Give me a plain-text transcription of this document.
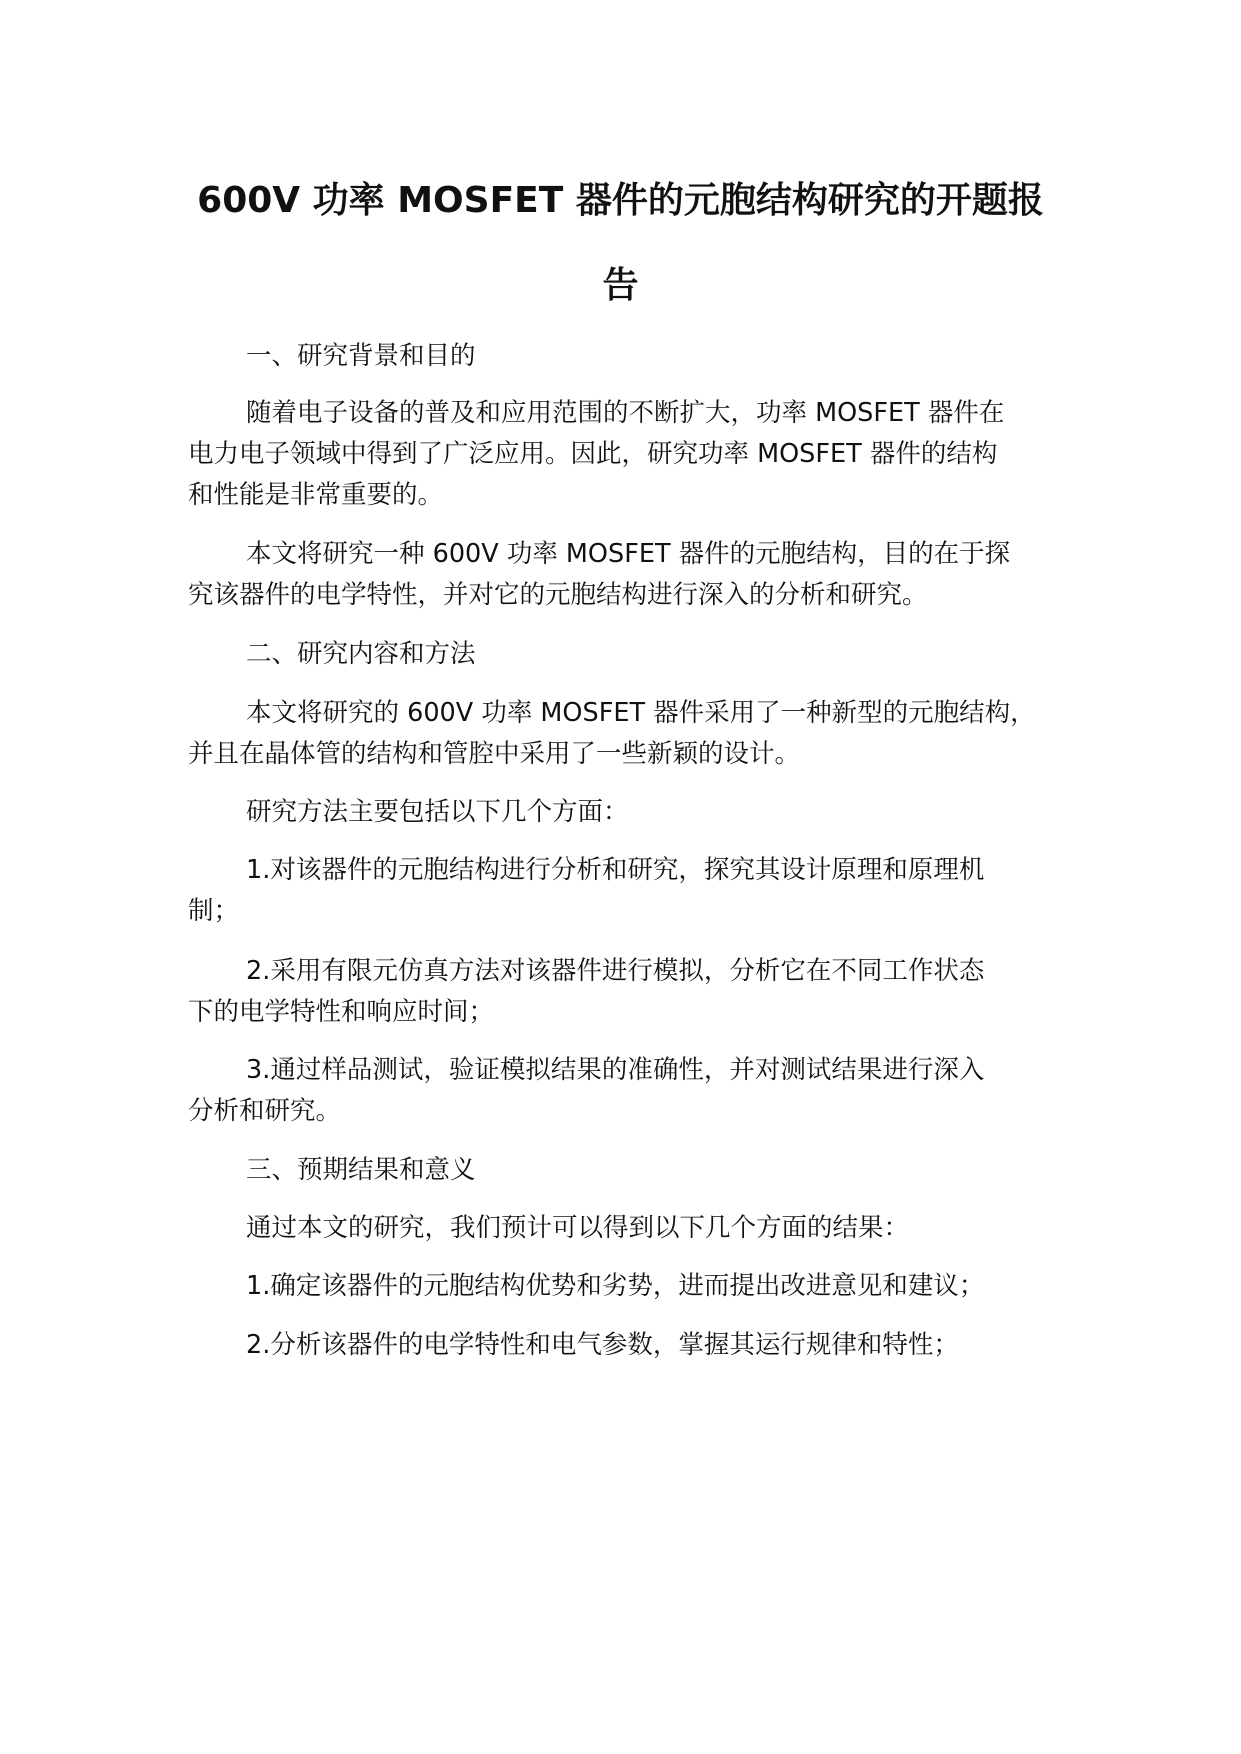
600V 功率 MOSFET 器件的元胞结构研究的开题报
告
一、研究背景和目的
随着电子设备的普及和应用范围的不断扩大，功率 MOSFET 器件在
电力电子领域中得到了广泛应用。因此，研究功率 MOSFET 器件的结构
和性能是非常重要的。
本文将研究一种 600V 功率 MOSFET 器件的元胞结构，目的在于探
究该器件的电学特性，并对它的元胞结构进行深入的分析和研究。
二、研究内容和方法
本文将研究的 600V 功率 MOSFET 器件采用了一种新型的元胞结构，
并且在晶体管的结构和管腔中采用了一些新颖的设计。
研究方法主要包括以下几个方面：
1.对该器件的元胞结构进行分析和研究，探究其设计原理和原理机
制；
2.采用有限元仿真方法对该器件进行模拟，分析它在不同工作状态
下的电学特性和响应时间；
3.通过样品测试，验证模拟结果的准确性，并对测试结果进行深入
分析和研究。
三、预期结果和意义
通过本文的研究，我们预计可以得到以下几个方面的结果：
1.确定该器件的元胞结构优势和劣势，进而提出改进意见和建议；
2.分析该器件的电学特性和电气参数，掌握其运行规律和特性；
